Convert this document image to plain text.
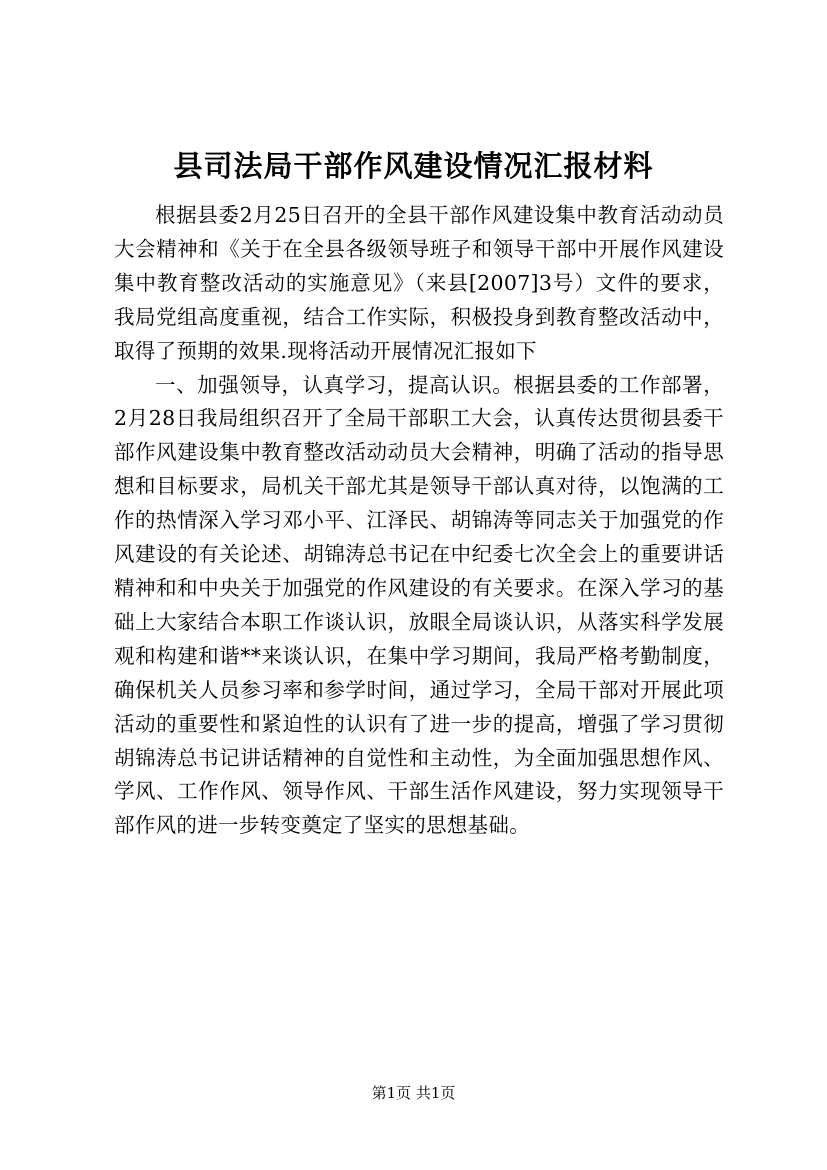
县司法局干部作风建设情况汇报材料

根据县委2月25日召开的全县干部作风建设集中教育活动动员大会精神和《关于在全县各级领导班子和领导干部中开展作风建设集中教育整改活动的实施意见》（来县[2007]3号）文件的要求，我局党组高度重视，结合工作实际，积极投身到教育整改活动中，取得了预期的效果.现将活动开展情况汇报如下

一、加强领导，认真学习，提高认识。根据县委的工作部署，2月28日我局组织召开了全局干部职工大会，认真传达贯彻县委干部作风建设集中教育整改活动动员大会精神，明确了活动的指导思想和目标要求，局机关干部尤其是领导干部认真对待，以饱满的工作的热情深入学习邓小平、江泽民、胡锦涛等同志关于加强党的作风建设的有关论述、胡锦涛总书记在中纪委七次全会上的重要讲话精神和和中央关于加强党的作风建设的有关要求。在深入学习的基础上大家结合本职工作谈认识，放眼全局谈认识，从落实科学发展观和构建和谐**来谈认识，在集中学习期间，我局严格考勤制度，确保机关人员参习率和参学时间，通过学习，全局干部对开展此项活动的重要性和紧迫性的认识有了进一步的提高，增强了学习贯彻胡锦涛总书记讲话精神的自觉性和主动性，为全面加强思想作风、学风、工作作风、领导作风、干部生活作风建设，努力实现领导干部作风的进一步转变奠定了坚实的思想基础。

第1页 共1页
